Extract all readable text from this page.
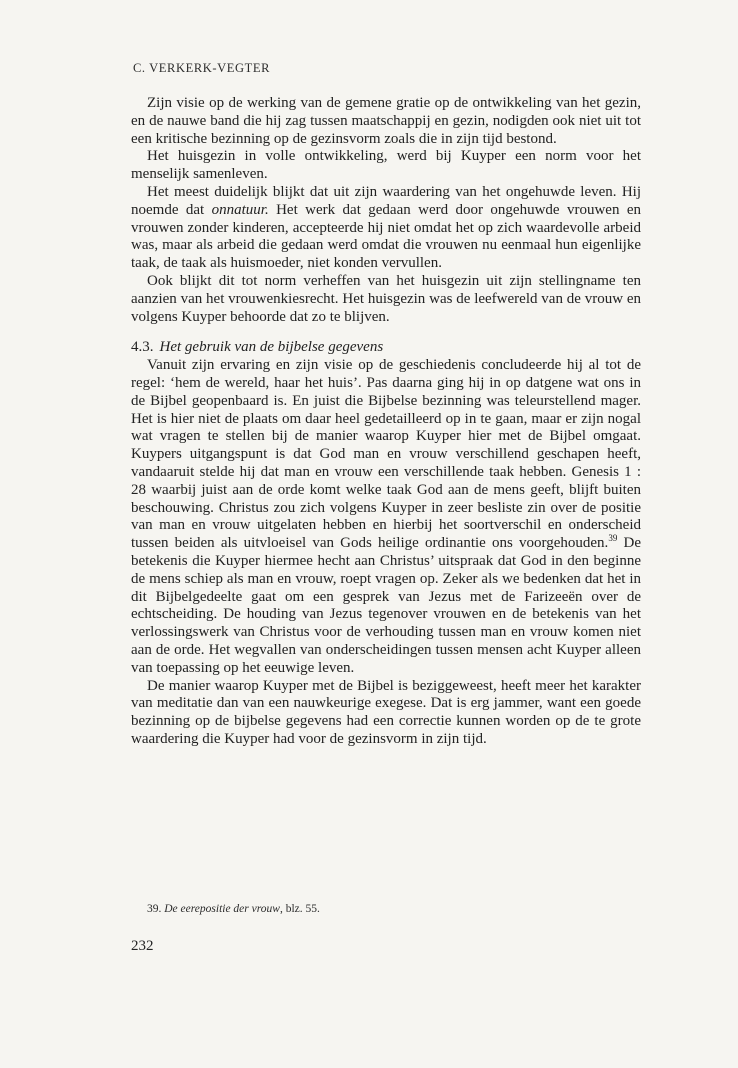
C. VERKERK-VEGTER

Zijn visie op de werking van de gemene gratie op de ontwikkeling van het gezin, en de nauwe band die hij zag tussen maatschappij en gezin, nodigden ook niet uit tot een kritische bezinning op de gezinsvorm zoals die in zijn tijd bestond.

Het huisgezin in volle ontwikkeling, werd bij Kuyper een norm voor het menselijk samenleven.

Het meest duidelijk blijkt dat uit zijn waardering van het ongehuwde leven. Hij noemde dat onnatuur. Het werk dat gedaan werd door ongehuwde vrouwen en vrouwen zonder kinderen, accepteerde hij niet omdat het op zich waardevolle arbeid was, maar als arbeid die gedaan werd omdat die vrouwen nu eenmaal hun eigenlijke taak, de taak als huismoeder, niet konden vervullen.

Ook blijkt dit tot norm verheffen van het huisgezin uit zijn stellingname ten aanzien van het vrouwenkiesrecht. Het huisgezin was de leefwereld van de vrouw en volgens Kuyper behoorde dat zo te blijven.

4.3. Het gebruik van de bijbelse gegevens

Vanuit zijn ervaring en zijn visie op de geschiedenis concludeerde hij al tot de regel: ‘hem de wereld, haar het huis’. Pas daarna ging hij in op datgene wat ons in de Bijbel geopenbaard is. En juist die Bijbelse bezinning was teleurstellend mager. Het is hier niet de plaats om daar heel gedetailleerd op in te gaan, maar er zijn nogal wat vragen te stellen bij de manier waarop Kuyper hier met de Bijbel omgaat. Kuypers uitgangspunt is dat God man en vrouw verschillend geschapen heeft, vandaaruit stelde hij dat man en vrouw een verschillende taak hebben. Genesis 1 : 28 waarbij juist aan de orde komt welke taak God aan de mens geeft, blijft buiten beschouwing. Christus zou zich volgens Kuyper in zeer besliste zin over de positie van man en vrouw uitgelaten hebben en hierbij het soortverschil en onderscheid tussen beiden als uitvloeisel van Gods heilige ordinantie ons voorgehouden.$^{39}$ De betekenis die Kuyper hiermee hecht aan Christus’ uitspraak dat God in den beginne de mens schiep als man en vrouw, roept vragen op. Zeker als we bedenken dat het in dit Bijbelgedeelte gaat om een gesprek van Jezus met de Farizeeën over de echtscheiding. De houding van Jezus tegenover vrouwen en de betekenis van het verlossingswerk van Christus voor de verhouding tussen man en vrouw komen niet aan de orde. Het wegvallen van onderscheidingen tussen mensen acht Kuyper alleen van toepassing op het eeuwige leven.

De manier waarop Kuyper met de Bijbel is beziggeweest, heeft meer het karakter van meditatie dan van een nauwkeurige exegese. Dat is erg jammer, want een goede bezinning op de bijbelse gegevens had een correctie kunnen worden op de te grote waardering die Kuyper had voor de gezinsvorm in zijn tijd.

39. De eerepositie der vrouw, blz. 55.
232
